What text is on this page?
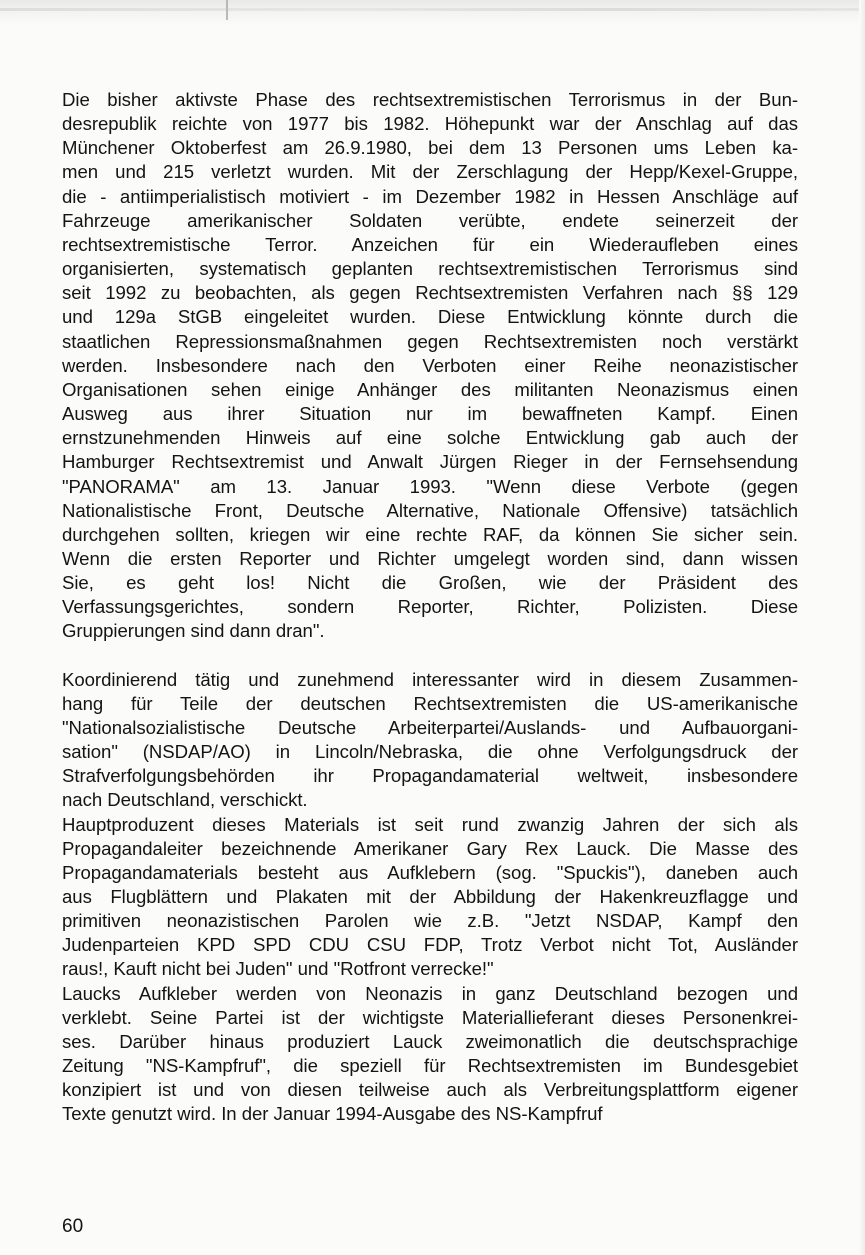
Die bisher aktivste Phase des rechtsextremistischen Terrorismus in der Bun-
desrepublik reichte von 1977 bis 1982. Höhepunkt war der Anschlag auf das
Münchener Oktoberfest am 26.9.1980, bei dem 13 Personen ums Leben ka-
men und 215 verletzt wurden. Mit der Zerschlagung der Hepp/Kexel-Gruppe,
die - antiimperialistisch motiviert - im Dezember 1982 in Hessen Anschläge auf
Fahrzeuge amerikanischer Soldaten verübte, endete seinerzeit der
rechtsextremistische Terror. Anzeichen für ein Wiederaufleben eines
organisierten, systematisch geplanten rechtsextremistischen Terrorismus sind
seit 1992 zu beobachten, als gegen Rechtsextremisten Verfahren nach §§ 129
und 129a StGB eingeleitet wurden. Diese Entwicklung könnte durch die
staatlichen Repressionsmaßnahmen gegen Rechtsextremisten noch verstärkt
werden. Insbesondere nach den Verboten einer Reihe neonazistischer
Organisationen sehen einige Anhänger des militanten Neonazismus einen
Ausweg aus ihrer Situation nur im bewaffneten Kampf. Einen
ernstzunehmenden Hinweis auf eine solche Entwicklung gab auch der
Hamburger Rechtsextremist und Anwalt Jürgen Rieger in der Fernsehsendung
"PANORAMA" am 13. Januar 1993. "Wenn diese Verbote (gegen
Nationalistische Front, Deutsche Alternative, Nationale Offensive) tatsächlich
durchgehen sollten, kriegen wir eine rechte RAF, da können Sie sicher sein.
Wenn die ersten Reporter und Richter umgelegt worden sind, dann wissen
Sie, es geht los! Nicht die Großen, wie der Präsident des
Verfassungsgerichtes, sondern Reporter, Richter, Polizisten. Diese
Gruppierungen sind dann dran".

Koordinierend tätig und zunehmend interessanter wird in diesem Zusammen-
hang für Teile der deutschen Rechtsextremisten die US-amerikanische
"Nationalsozialistische Deutsche Arbeiterpartei/Auslands- und Aufbauorgani-
sation" (NSDAP/AO) in Lincoln/Nebraska, die ohne Verfolgungsdruck der
Strafverfolgungsbehörden ihr Propagandamaterial weltweit, insbesondere
nach Deutschland, verschickt.

Hauptproduzent dieses Materials ist seit rund zwanzig Jahren der sich als
Propagandaleiter bezeichnende Amerikaner Gary Rex Lauck. Die Masse des
Propagandamaterials besteht aus Aufklebern (sog. "Spuckis"), daneben auch
aus Flugblättern und Plakaten mit der Abbildung der Hakenkreuzflagge und
primitiven neonazistischen Parolen wie z.B. "Jetzt NSDAP, Kampf den
Judenparteien KPD SPD CDU CSU FDP, Trotz Verbot nicht Tot, Ausländer
raus!, Kauft nicht bei Juden" und "Rotfront verrecke!"

Laucks Aufkleber werden von Neonazis in ganz Deutschland bezogen und
verklebt. Seine Partei ist der wichtigste Materiallieferant dieses Personenkrei-
ses. Darüber hinaus produziert Lauck zweimonatlich die deutschsprachige
Zeitung "NS-Kampfruf", die speziell für Rechtsextremisten im Bundesgebiet
konzipiert ist und von diesen teilweise auch als Verbreitungsplattform eigener
Texte genutzt wird. In der Januar 1994-Ausgabe des NS-Kampfruf

60
